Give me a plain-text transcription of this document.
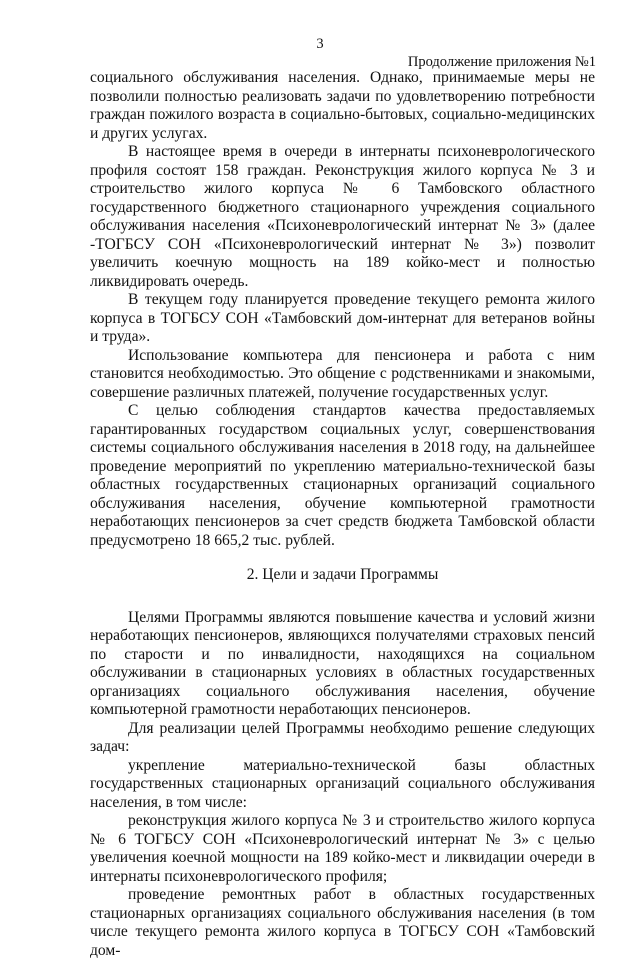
3
Продолжение приложения №1

социального обслуживания населения. Однако, принимаемые меры не позволили полностью реализовать задачи по удовлетворению потребности граждан пожилого возраста в социально-бытовых, социально-медицинских и других услугах.

В настоящее время в очереди в интернаты психоневрологического профиля состоят 158 граждан. Реконструкция жилого корпуса № 3 и строительство жилого корпуса № 6 Тамбовского областного государственного бюджетного стационарного учреждения социального обслуживания населения «Психоневрологический интернат № 3» (далее -ТОГБСУ СОН «Психоневрологический интернат № 3») позволит увеличить коечную мощность на 189 койко-мест и полностью ликвидировать очередь.

В текущем году планируется проведение текущего ремонта жилого корпуса в ТОГБСУ СОН «Тамбовский дом-интернат для ветеранов войны и труда».

Использование компьютера для пенсионера и работа с ним становится необходимостью. Это общение с родственниками и знакомыми, совершение различных платежей, получение государственных услуг.

С целью соблюдения стандартов качества предоставляемых гарантированных государством социальных услуг, совершенствования системы социального обслуживания населения в 2018 году, на дальнейшее проведение мероприятий по укреплению материально-технической базы областных государственных стационарных организаций социального обслуживания населения, обучение компьютерной грамотности неработающих пенсионеров за счет средств бюджета Тамбовской области предусмотрено 18 665,2 тыс. рублей.

2. Цели и задачи Программы

Целями Программы являются повышение качества и условий жизни неработающих пенсионеров, являющихся получателями страховых пенсий по старости и по инвалидности, находящихся на социальном обслуживании в стационарных условиях в областных государственных организациях социального обслуживания населения, обучение компьютерной грамотности неработающих пенсионеров.

Для реализации целей Программы необходимо решение следующих задач:

укрепление материально-технической базы областных государственных стационарных организаций социального обслуживания населения, в том числе:

реконструкция жилого корпуса № 3 и строительство жилого корпуса № 6 ТОГБСУ СОН «Психоневрологический интернат № 3» с целью увеличения коечной мощности на 189 койко-мест и ликвидации очереди в интернаты психоневрологического профиля;

проведение ремонтных работ в областных государственных стационарных организациях социального обслуживания населения (в том числе текущего ремонта жилого корпуса в ТОГБСУ СОН «Тамбовский дом-
